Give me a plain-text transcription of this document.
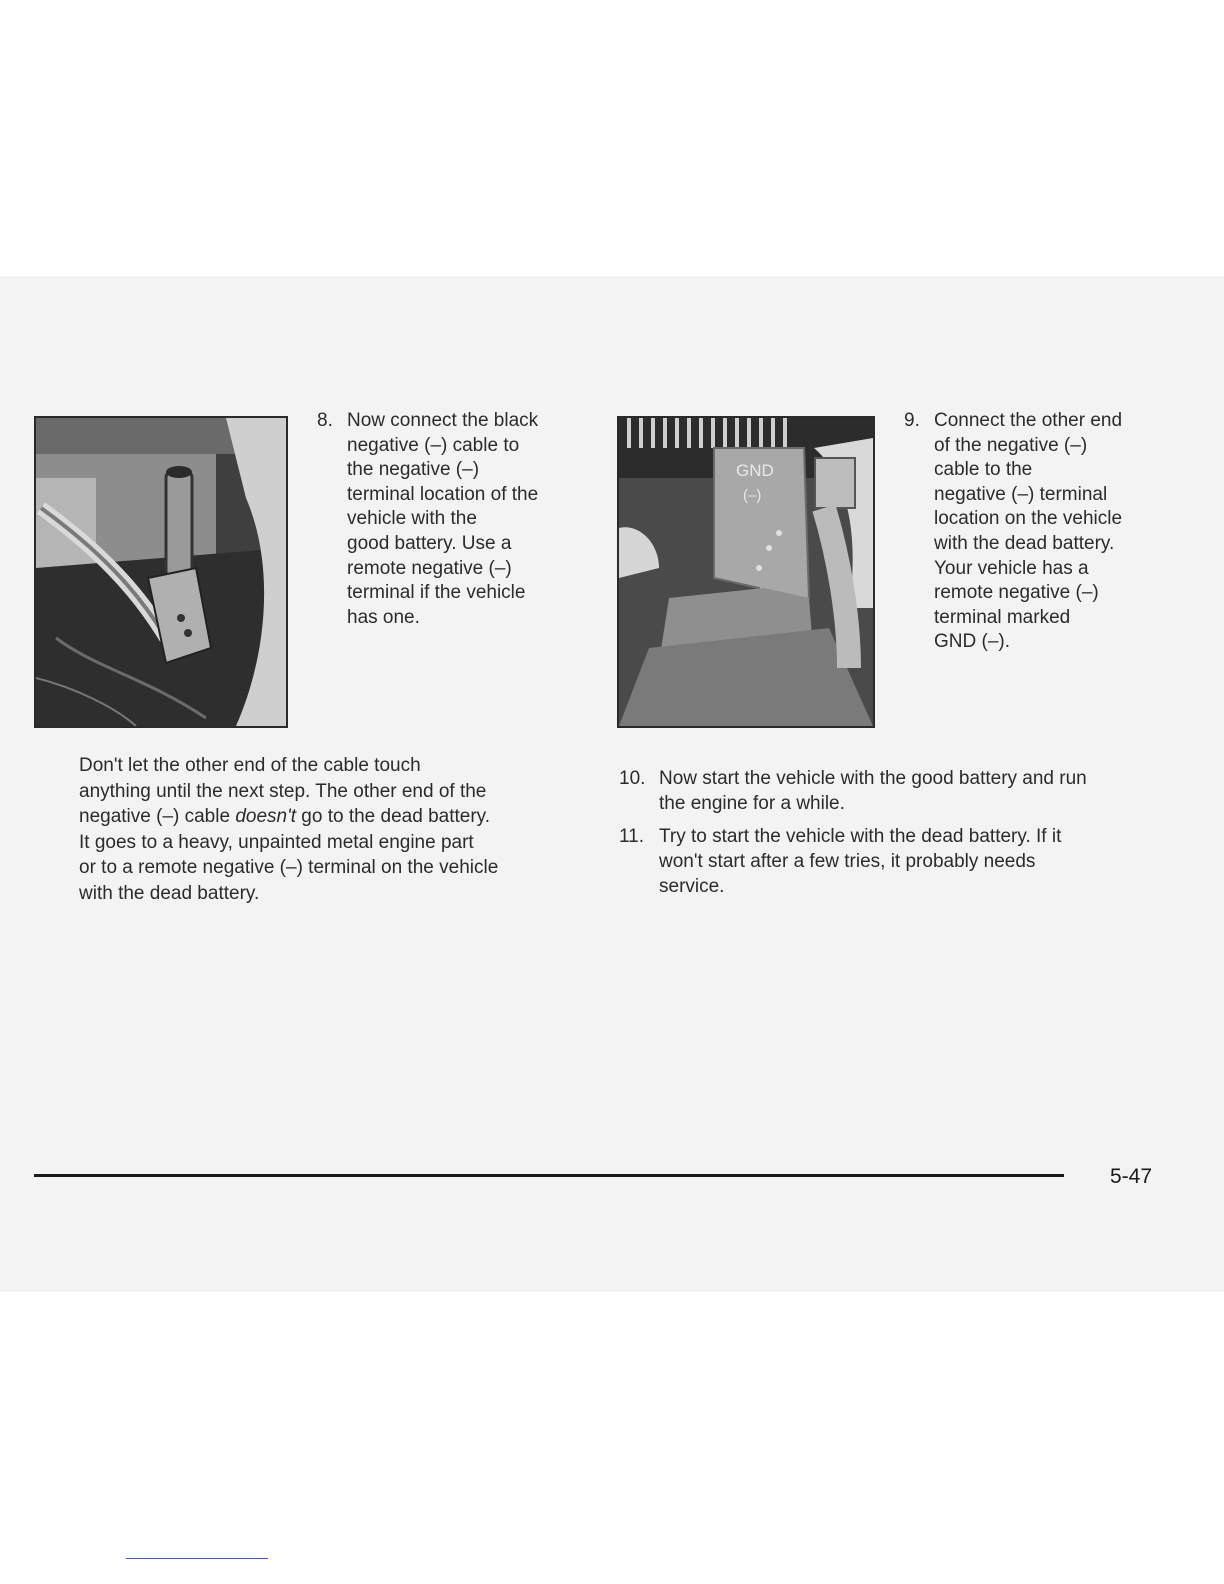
8. Now connect the black
negative (–) cable to
the negative (–)
terminal location of the
vehicle with the
good battery. Use a
remote negative (–)
terminal if the vehicle
has one.
GND
(–)
9. Connect the other end
of the negative (–)
cable to the
negative (–) terminal
location on the vehicle
with the dead battery.
Your vehicle has a
remote negative (–)
terminal marked
GND (–).
Don't let the other end of the cable touch
anything until the next step. The other end of the
negative (–) cable doesn't go to the dead battery.
It goes to a heavy, unpainted metal engine part
or to a remote negative (–) terminal on the vehicle
with the dead battery.
10. Now start the vehicle with the good battery and run
the engine for a while.
11. Try to start the vehicle with the dead battery. If it
won't start after a few tries, it probably needs
service.
5-47
